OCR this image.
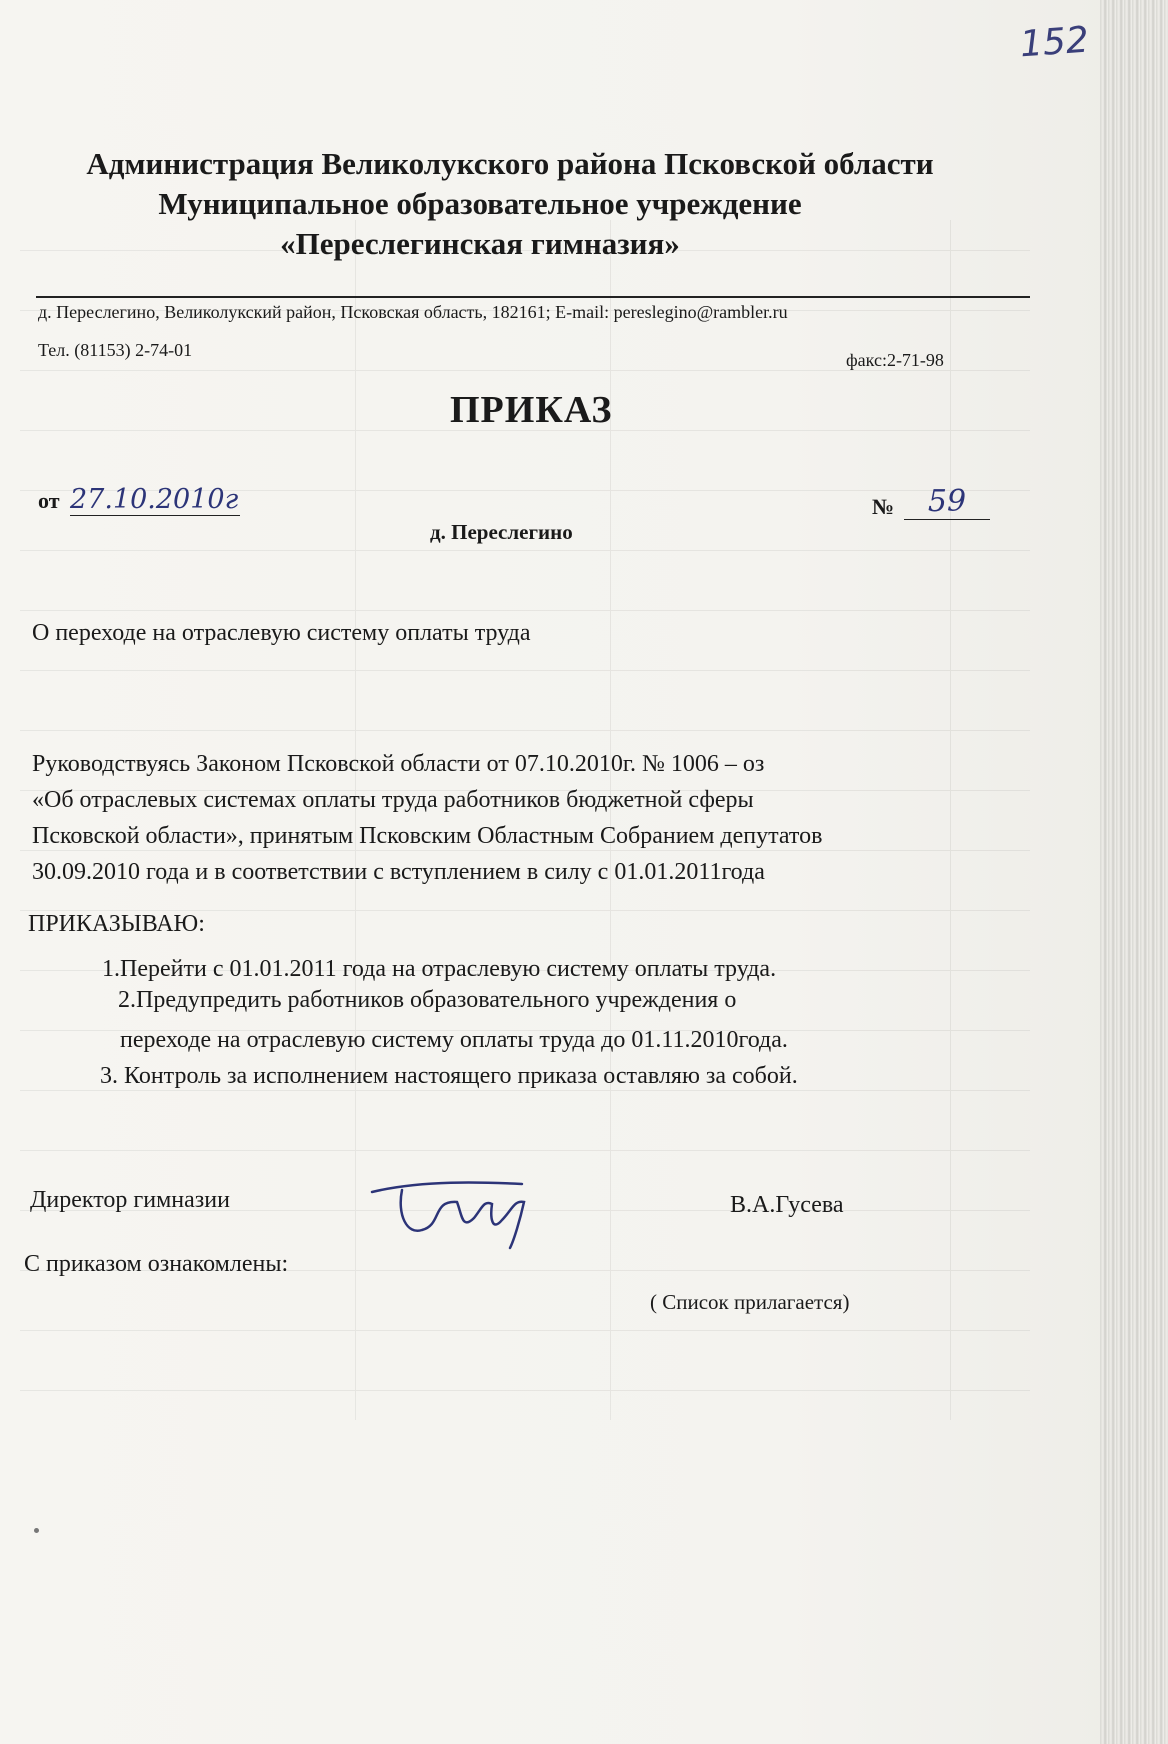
152
Администрация Великолукского района Псковской области
Муниципальное образовательное учреждение
«Переслегинская гимназия»
д. Переслегино, Великолукский район, Псковская область, 182161; E-mail: pereslegino@rambler.ru
Тел. (81153) 2-74-01	факс:2-71-98
ПРИКАЗ
от 27.10.2010г	№	59
д. Переслегино
О переходе на отраслевую систему оплаты труда
Руководствуясь Законом Псковской области от 07.10.2010г. № 1006 – оз
«Об отраслевых системах оплаты труда работников бюджетной сферы
Псковской области», принятым Псковским Областным Собранием депутатов
30.09.2010 года и в соответствии с вступлением в силу с 01.01.2011года
ПРИКАЗЫВАЮ:
1.Перейти с 01.01.2011 года на отраслевую систему оплаты труда.
2.Предупредить работников образовательного учреждения о
переходе на отраслевую систему оплаты труда до 01.11.2010года.
3. Контроль за исполнением настоящего приказа оставляю за собой.
Директор гимназии	В.А.Гусева
С приказом ознакомлены:
( Список прилагается)
